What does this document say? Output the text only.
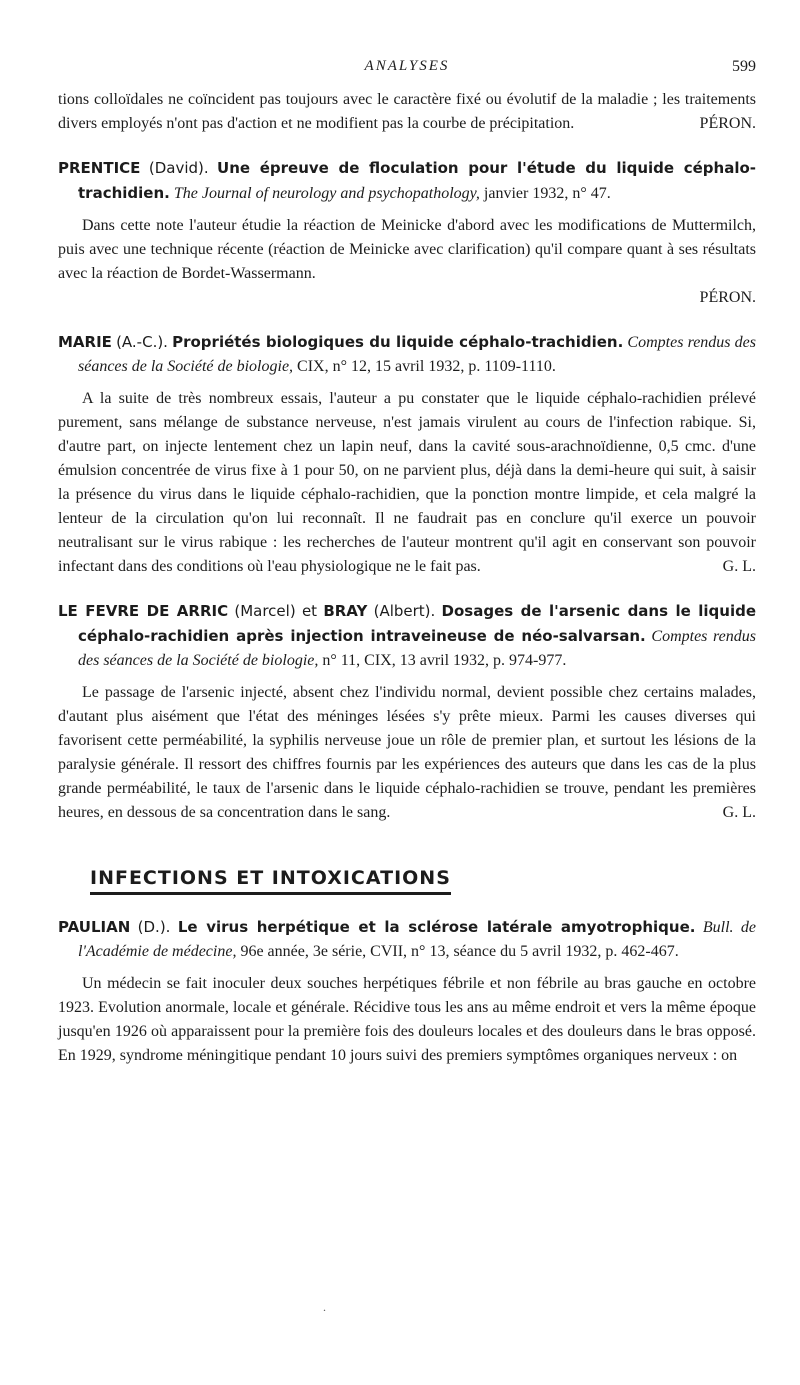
ANALYSES	599

tions colloïdales ne coïncident pas toujours avec le caractère fixé ou évolutif de la maladie ; les traitements divers employés n'ont pas d'action et ne modifient pas la courbe de précipitation.	PÉRON.

PRENTICE (David). Une épreuve de floculation pour l'étude du liquide céphalo-trachidien. The Journal of neurology and psychopathology, janvier 1932, n° 47.

Dans cette note l'auteur étudie la réaction de Meinicke d'abord avec les modifications de Muttermilch, puis avec une technique récente (réaction de Meinicke avec clarification) qu'il compare quant à ses résultats avec la réaction de Bordet-Wassermann.

PÉRON.

MARIE (A.-C.). Propriétés biologiques du liquide céphalo-trachidien. Comptes rendus des séances de la Société de biologie, CIX, n° 12, 15 avril 1932, p. 1109-1110.

A la suite de très nombreux essais, l'auteur a pu constater que le liquide céphalo-rachidien prélevé purement, sans mélange de substance nerveuse, n'est jamais virulent au cours de l'infection rabique. Si, d'autre part, on injecte lentement chez un lapin neuf, dans la cavité sous-arachnoïdienne, 0,5 cmc. d'une émulsion concentrée de virus fixe à 1 pour 50, on ne parvient plus, déjà dans la demi-heure qui suit, à saisir la présence du virus dans le liquide céphalo-rachidien, que la ponction montre limpide, et cela malgré la lenteur de la circulation qu'on lui reconnaît. Il ne faudrait pas en conclure qu'il exerce un pouvoir neutralisant sur le virus rabique : les recherches de l'auteur montrent qu'il agit en conservant son pouvoir infectant dans des conditions où l'eau physiologique ne le fait pas.	G. L.

LE FEVRE DE ARRIC (Marcel) et BRAY (Albert). Dosages de l'arsenic dans le liquide céphalo-rachidien après injection intraveineuse de néo-salvarsan. Comptes rendus des séances de la Société de biologie, n° 11, CIX, 13 avril 1932, p. 974-977.

Le passage de l'arsenic injecté, absent chez l'individu normal, devient possible chez certains malades, d'autant plus aisément que l'état des méninges lésées s'y prête mieux. Parmi les causes diverses qui favorisent cette perméabilité, la syphilis nerveuse joue un rôle de premier plan, et surtout les lésions de la paralysie générale. Il ressort des chiffres fournis par les expériences des auteurs que dans les cas de la plus grande perméabilité, le taux de l'arsenic dans le liquide céphalo-rachidien se trouve, pendant les premières heures, en dessous de sa concentration dans le sang.	G. L.

INFECTIONS ET INTOXICATIONS

PAULIAN (D.). Le virus herpétique et la sclérose latérale amyotrophique. Bull. de l'Académie de médecine, 96e année, 3e série, CVII, n° 13, séance du 5 avril 1932, p. 462-467.

Un médecin se fait inoculer deux souches herpétiques fébrile et non fébrile au bras gauche en octobre 1923. Evolution anormale, locale et générale. Récidive tous les ans au même endroit et vers la même époque jusqu'en 1926 où apparaissent pour la première fois des douleurs locales et des douleurs dans le bras opposé. En 1929, syndrome méningitique pendant 10 jours suivi des premiers symptômes organiques nerveux : on

.
